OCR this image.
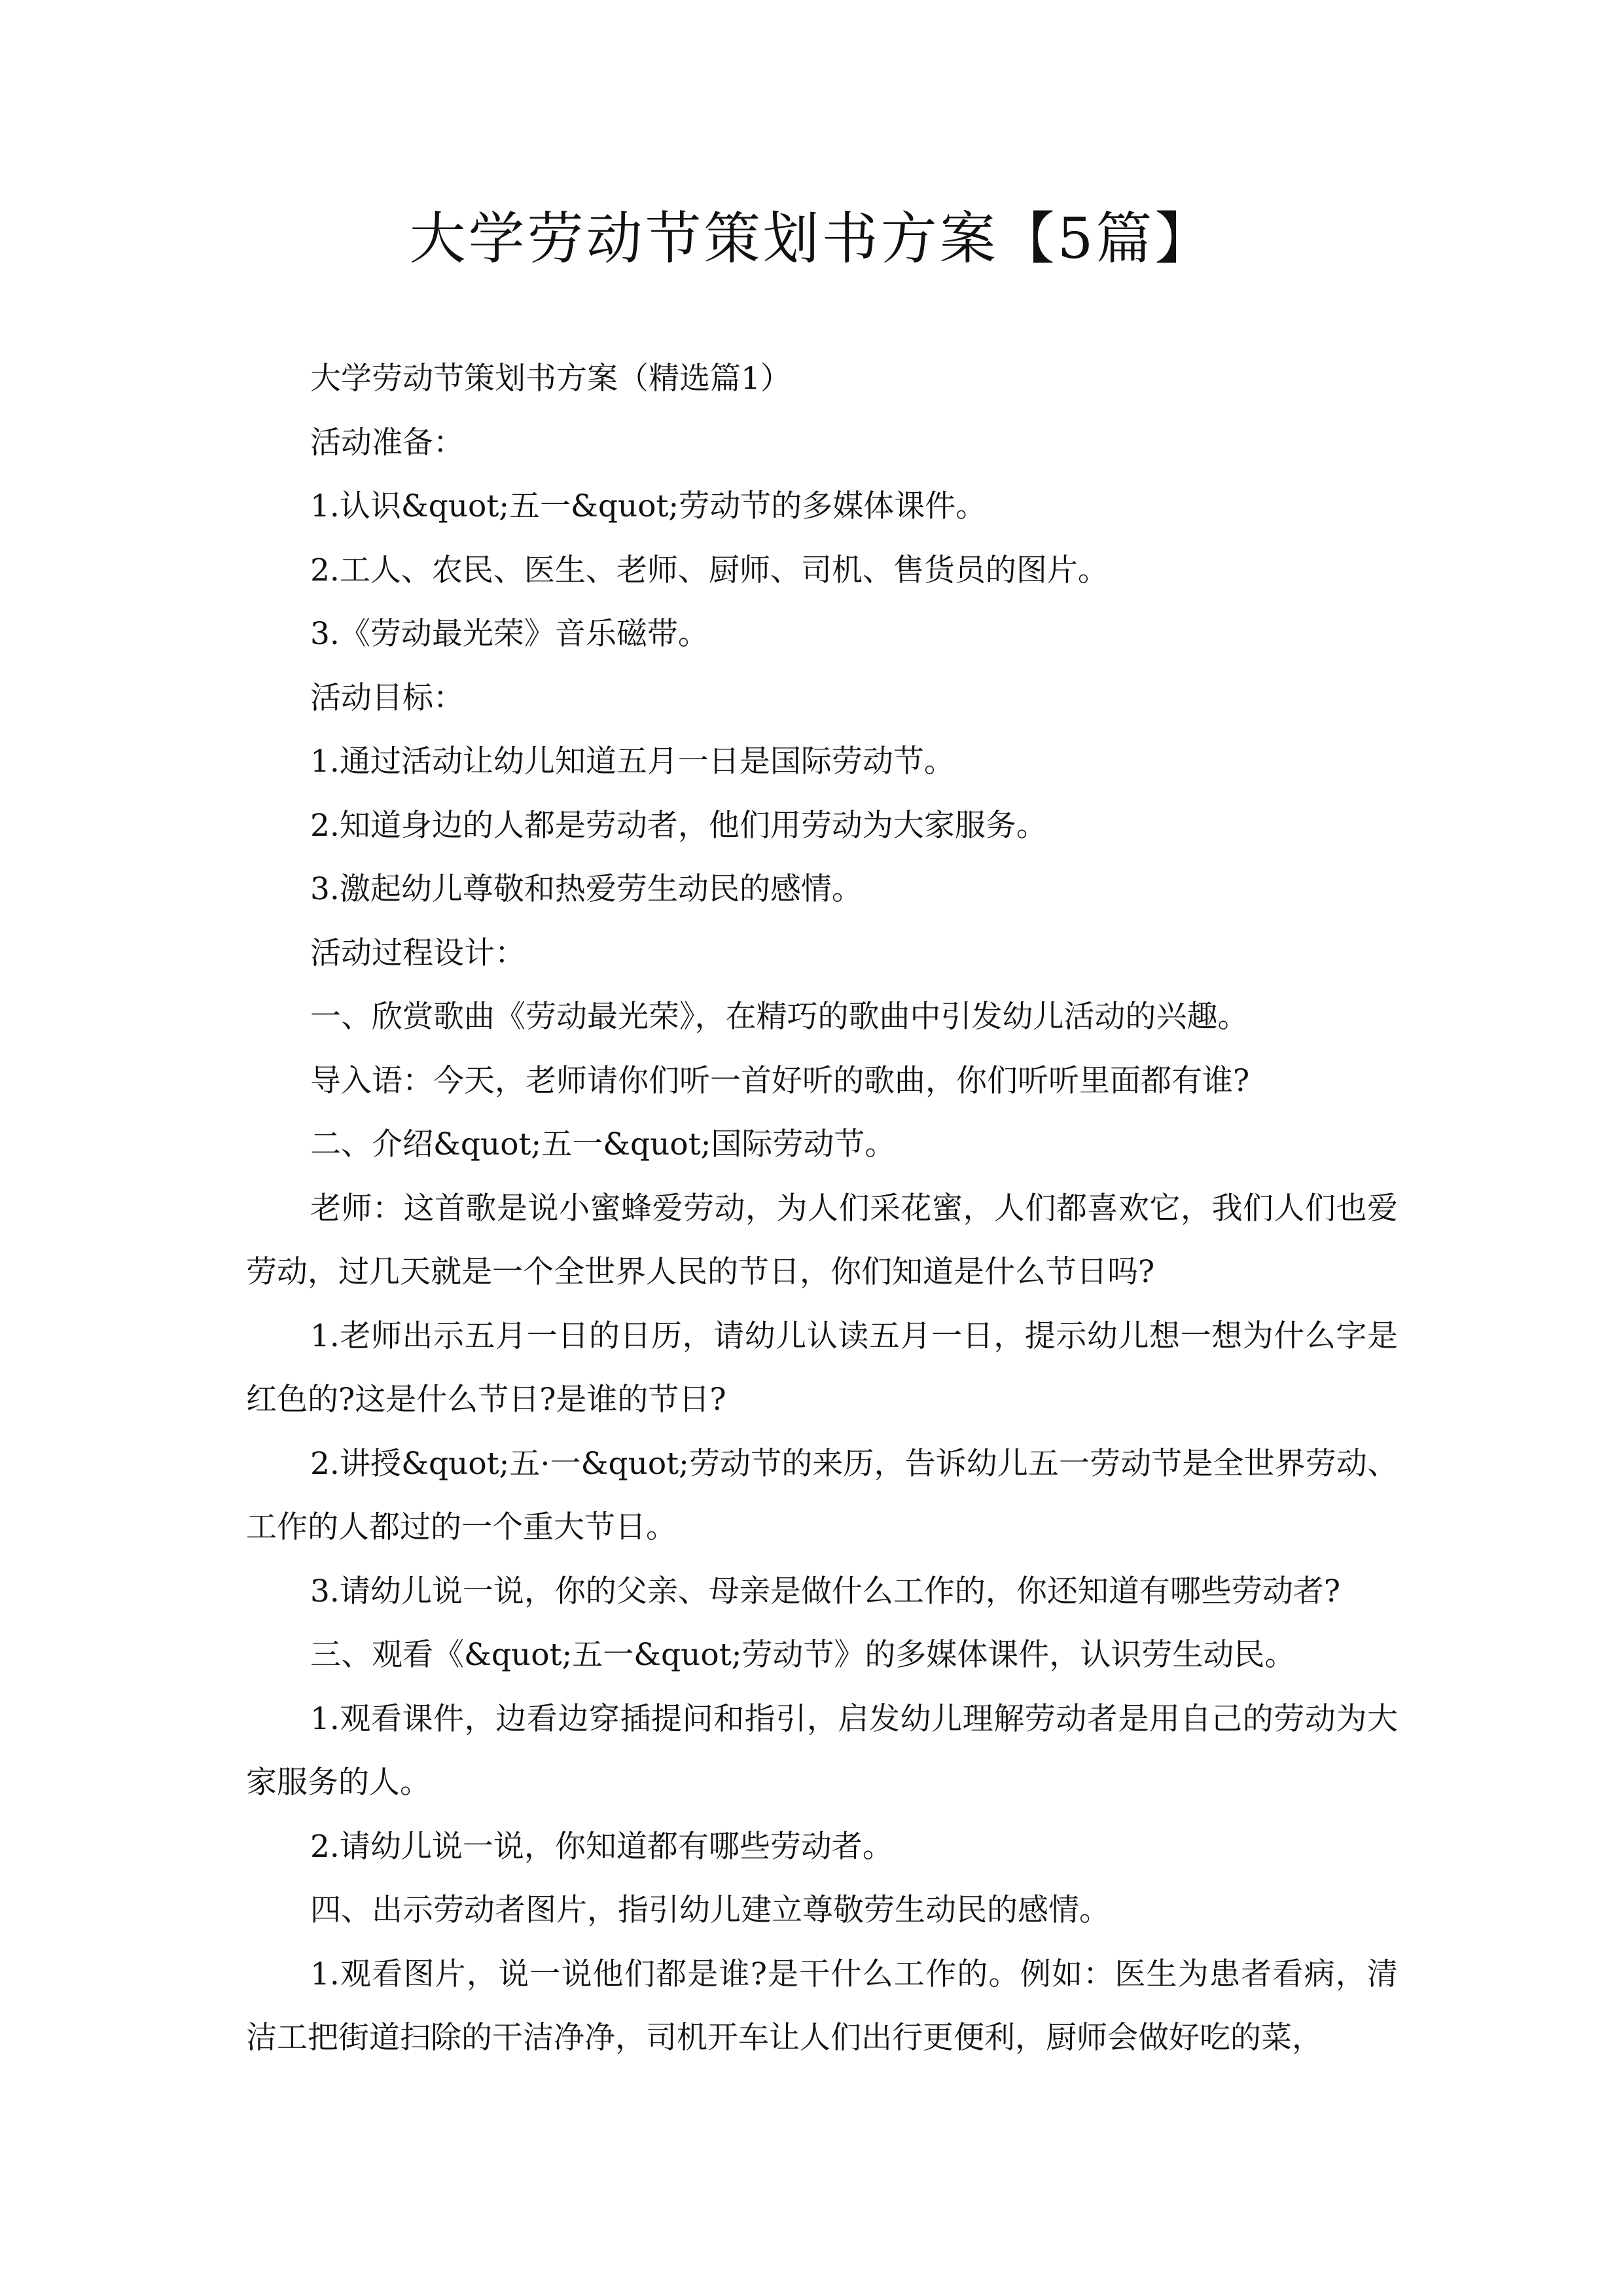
大学劳动节策划书方案【5篇】

大学劳动节策划书方案（精选篇1）

活动准备：

1.认识&quot;五一&quot;劳动节的多媒体课件。

2.工人、农民、医生、老师、厨师、司机、售货员的图片。

3.《劳动最光荣》音乐磁带。

活动目标：

1.通过活动让幼儿知道五月一日是国际劳动节。

2.知道身边的人都是劳动者，他们用劳动为大家服务。

3.激起幼儿尊敬和热爱劳生动民的感情。

活动过程设计：

一、欣赏歌曲《劳动最光荣》，在精巧的歌曲中引发幼儿活动的兴趣。

导入语：今天，老师请你们听一首好听的歌曲，你们听听里面都有谁?

二、介绍&quot;五一&quot;国际劳动节。

老师：这首歌是说小蜜蜂爱劳动，为人们采花蜜，人们都喜欢它，我们人们也爱劳动，过几天就是一个全世界人民的节日，你们知道是什么节日吗?

1.老师出示五月一日的日历，请幼儿认读五月一日，提示幼儿想一想为什么字是红色的?这是什么节日?是谁的节日?

2.讲授&quot;五·一&quot;劳动节的来历，告诉幼儿五一劳动节是全世界劳动、工作的人都过的一个重大节日。

3.请幼儿说一说，你的父亲、母亲是做什么工作的，你还知道有哪些劳动者?

三、观看《&quot;五一&quot;劳动节》的多媒体课件，认识劳生动民。

1.观看课件，边看边穿插提问和指引，启发幼儿理解劳动者是用自己的劳动为大家服务的人。

2.请幼儿说一说，你知道都有哪些劳动者。

四、出示劳动者图片，指引幼儿建立尊敬劳生动民的感情。

1.观看图片，说一说他们都是谁?是干什么工作的。例如：医生为患者看病，清洁工把街道扫除的干洁净净，司机开车让人们出行更便利，厨师会做好吃的菜，
